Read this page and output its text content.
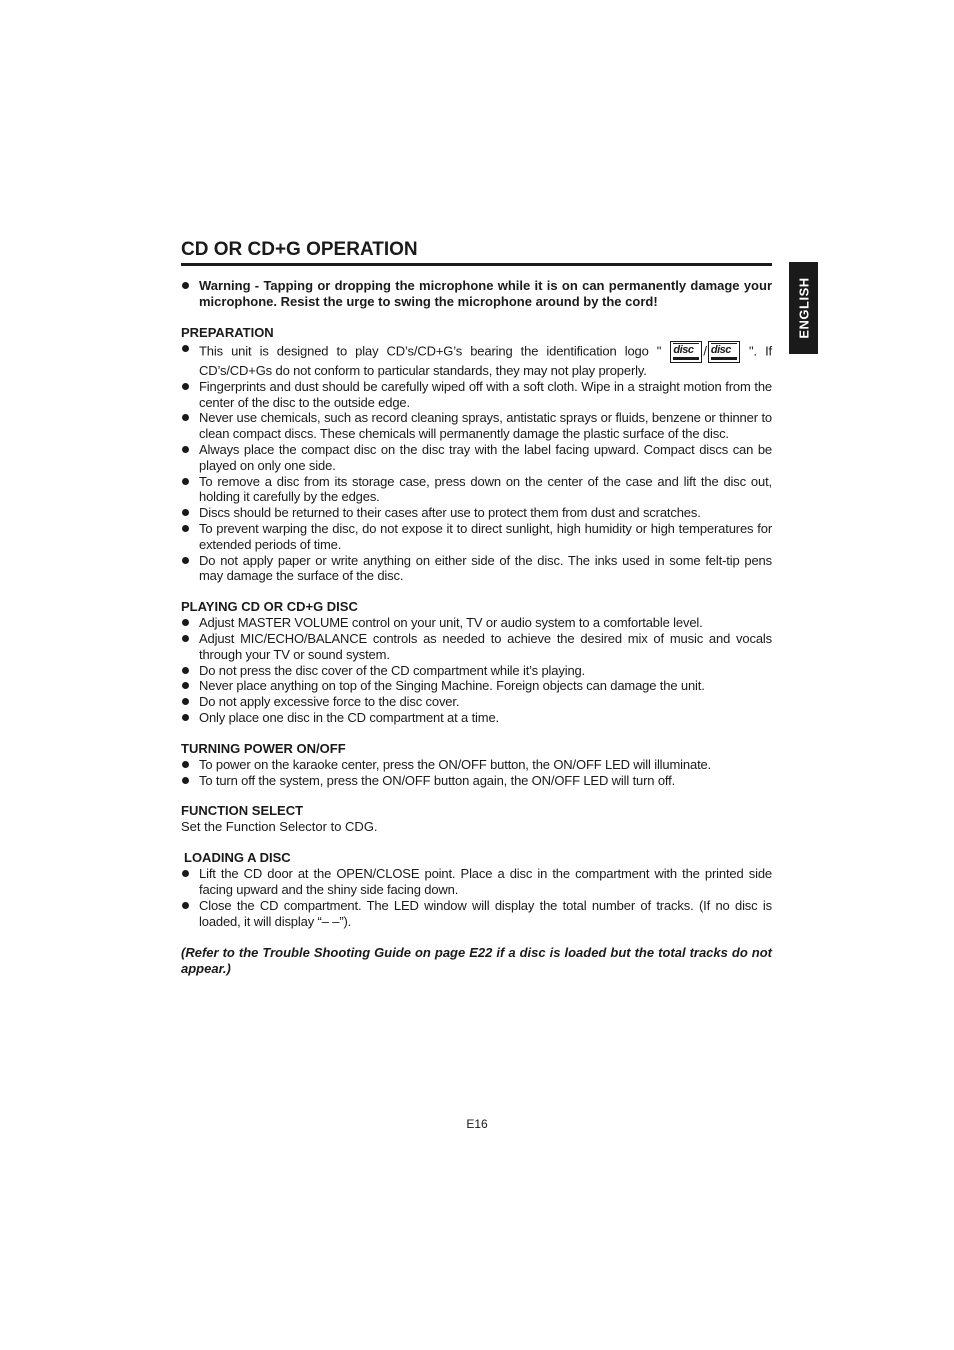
ENGLISH
CD OR CD+G OPERATION
Warning - Tapping or dropping the microphone while it is on can permanently damage your microphone. Resist the urge to swing the microphone around by the cord!
PREPARATION
This unit is designed to play CD’s/CD+G’s bearing the identification logo " disc / disc ". If CD’s/CD+Gs do not conform to particular standards, they may not play properly.
Fingerprints and dust should be carefully wiped off with a soft cloth. Wipe in a straight motion from the center of the disc to the outside edge.
Never use chemicals, such as record cleaning sprays, antistatic sprays or fluids, benzene or thinner to clean compact discs. These chemicals will permanently damage the plastic surface of the disc.
Always place the compact disc on the disc tray with the label facing upward. Compact discs can be played on only one side.
To remove a disc from its storage case, press down on the center of the case and lift the disc out, holding it carefully by the edges.
Discs should be returned to their cases after use to protect them from dust and scratches.
To prevent warping the disc, do not expose it to direct sunlight, high humidity or high temperatures for extended periods of time.
Do not apply paper or write anything on either side of the disc. The inks used in some felt-tip pens may damage the surface of the disc.
PLAYING CD OR CD+G DISC
Adjust MASTER VOLUME control on your unit, TV or audio system to a comfortable level.
Adjust MIC/ECHO/BALANCE controls as needed to achieve the desired mix of music and vocals through your TV or sound system.
Do not press the disc cover of the CD compartment while it’s playing.
Never place anything on top of the Singing Machine. Foreign objects can damage the unit.
Do not apply excessive force to the disc cover.
Only place one disc in the CD compartment at a time.
TURNING POWER ON/OFF
To power on the karaoke center, press the ON/OFF button, the ON/OFF LED will illuminate.
To turn off the system, press the ON/OFF button again, the ON/OFF LED will turn off.
FUNCTION SELECT
Set the Function Selector to CDG.
LOADING A DISC
Lift the CD door at the OPEN/CLOSE point. Place a disc in the compartment with the printed side facing upward and the shiny side facing down.
Close the CD compartment. The LED window will display the total number of tracks. (If no disc is loaded, it will display “– –”).
(Refer to the Trouble Shooting Guide on page E22 if a disc is loaded but the total tracks do not appear.)
E16
